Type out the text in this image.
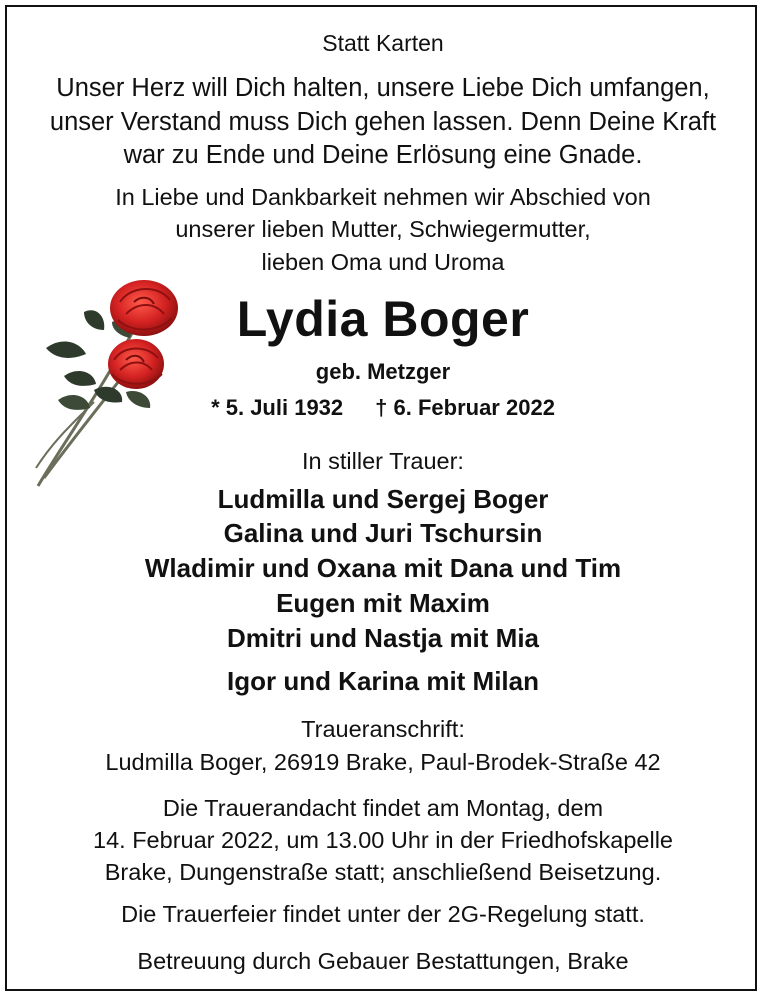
Statt Karten
Unser Herz will Dich halten, unsere Liebe Dich umfangen,
unser Verstand muss Dich gehen lassen. Denn Deine Kraft
war zu Ende und Deine Erlösung eine Gnade.
In Liebe und Dankbarkeit nehmen wir Abschied von
unserer lieben Mutter, Schwiegermutter,
lieben Oma und Uroma
Lydia Boger
geb. Metzger
* 5. Juli 1932 † 6. Februar 2022
In stiller Trauer:
Ludmilla und Sergej Boger
Galina und Juri Tschursin
Wladimir und Oxana mit Dana und Tim
Eugen mit Maxim
Dmitri und Nastja mit Mia
Igor und Karina mit Milan
Traueranschrift:
Ludmilla Boger, 26919 Brake, Paul-Brodek-Straße 42
Die Trauerandacht findet am Montag, dem
14. Februar 2022, um 13.00 Uhr in der Friedhofskapelle
Brake, Dungenstraße statt; anschließend Beisetzung.
Die Trauerfeier findet unter der 2G-Regelung statt.
Betreuung durch Gebauer Bestattungen, Brake
